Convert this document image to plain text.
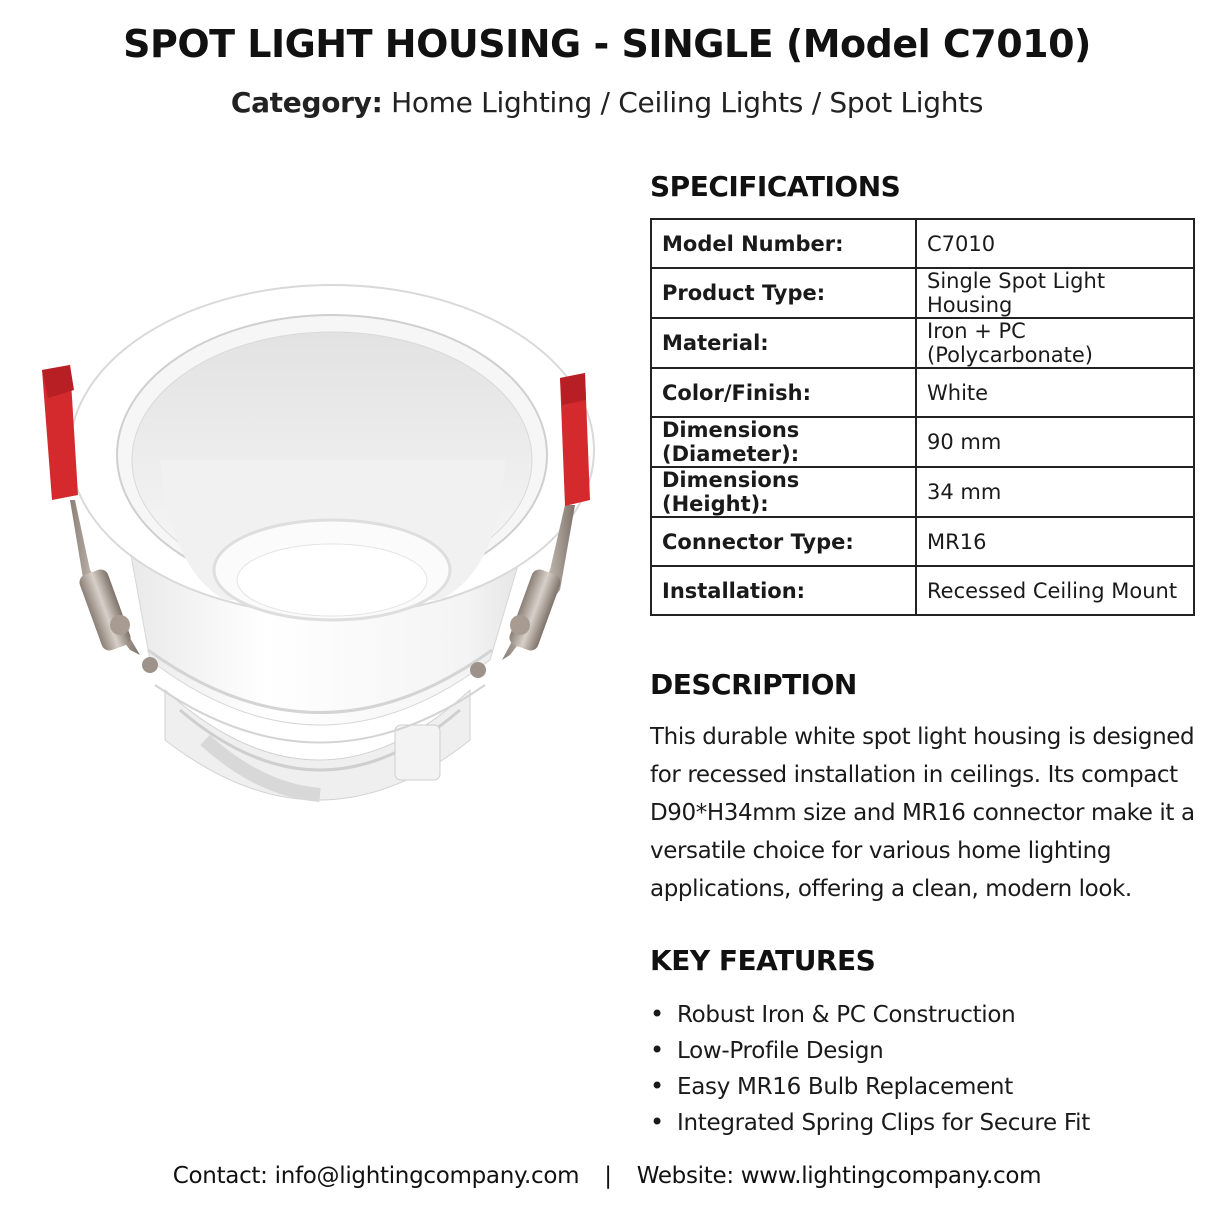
SPOT LIGHT HOUSING - SINGLE (Model C7010)
Category: Home Lighting / Ceiling Lights / Spot Lights
SPECIFICATIONS
Model Number:	C7010
Product Type:	Single Spot Light Housing
Material:	Iron + PC (Polycarbonate)
Color/Finish:	White
Dimensions (Diameter):	90 mm
Dimensions (Height):	34 mm
Connector Type:	MR16
Installation:	Recessed Ceiling Mount
DESCRIPTION
This durable white spot light housing is designed for recessed installation in ceilings. Its compact D90*H34mm size and MR16 connector make it a versatile choice for various home lighting applications, offering a clean, modern look.
KEY FEATURES
• Robust Iron & PC Construction
• Low-Profile Design
• Easy MR16 Bulb Replacement
• Integrated Spring Clips for Secure Fit
Contact: info@lightingcompany.com | Website: www.lightingcompany.com
